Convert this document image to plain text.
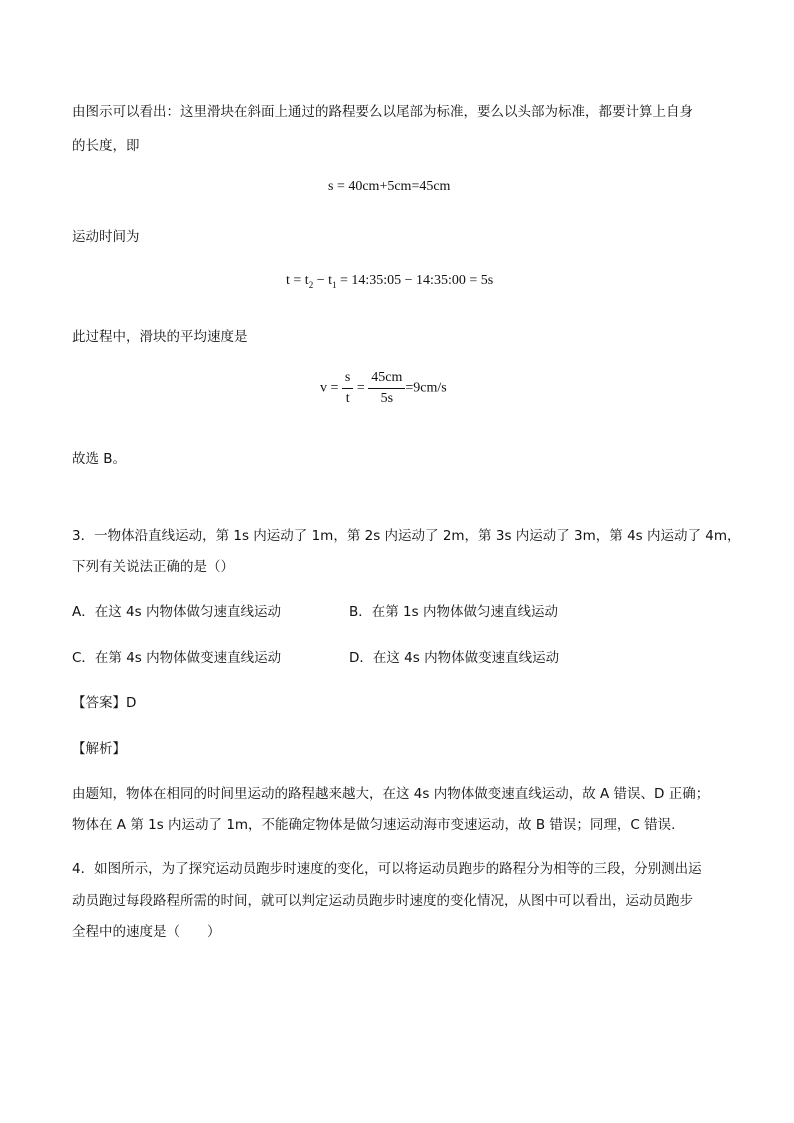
由图示可以看出：这里滑块在斜面上通过的路程要么以尾部为标准，要么以头部为标准，都要计算上自身
的长度，即
s = 40cm+5cm=45cm
运动时间为
$t = t_2 - t_1$ = 14:35:05 − 14:35:00 = 5s
此过程中，滑块的平均速度是
$v = \frac{s}{t} = \frac{45cm}{5s} =9cm/s$
故选 B。
3．一物体沿直线运动，第 1s 内运动了 1m，第 2s 内运动了 2m，第 3s 内运动了 3m，第 4s 内运动了 4m，
下列有关说法正确的是（）
A．在这 4s 内物体做匀速直线运动	B．在第 1s 内物体做匀速直线运动
C．在第 4s 内物体做变速直线运动	D．在这 4s 内物体做变速直线运动
【答案】D
【解析】
由题知，物体在相同的时间里运动的路程越来越大，在这 4s 内物体做变速直线运动，故 A 错误、D 正确；
物体在 A 第 1s 内运动了 1m，不能确定物体是做匀速运动海市变速运动，故 B 错误；同理，C 错误.
4．如图所示，为了探究运动员跑步时速度的变化，可以将运动员跑步的路程分为相等的三段，分别测出运
动员跑过每段路程所需的时间，就可以判定运动员跑步时速度的变化情况，从图中可以看出，运动员跑步
全程中的速度是（　　）
